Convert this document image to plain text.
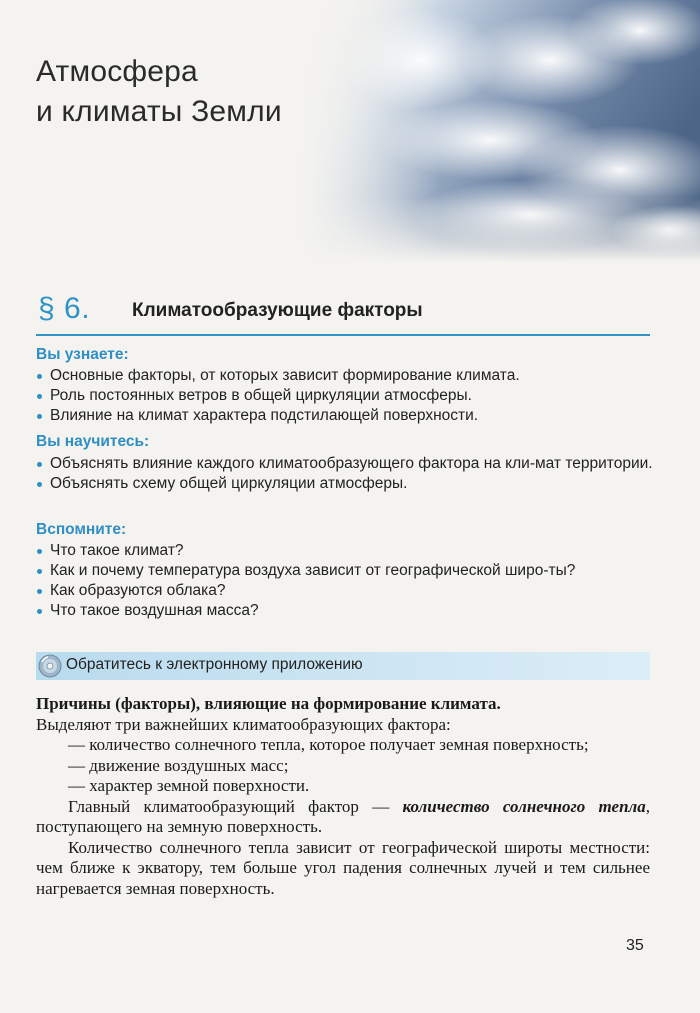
Атмосфера
и климаты Земли
§ 6. Климатообразующие факторы
Вы узнаете:
Основные факторы, от которых зависит формирование климата.
Роль постоянных ветров в общей циркуляции атмосферы.
Влияние на климат характера подстилающей поверхности.
Вы научитесь:
Объяснять влияние каждого климатообразующего фактора на кли-мат территории.
Объяснять схему общей циркуляции атмосферы.
Вспомните:
Что такое климат?
Как и почему температура воздуха зависит от географической широ-ты?
Как образуются облака?
Что такое воздушная масса?
Обратитесь к электронному приложению

Причины (факторы), влияющие на формирование климата.

Выделяют три важнейших климатообразующих фактора:

— количество солнечного тепла, которое получает земная поверхность;

— движение воздушных масс;

— характер земной поверхности.

Главный климатообразующий фактор — количество солнечного тепла, поступающего на земную поверхность.

Количество солнечного тепла зависит от географической широты местности: чем ближе к экватору, тем больше угол падения солнечных лучей и тем сильнее нагревается земная поверхность.

35
